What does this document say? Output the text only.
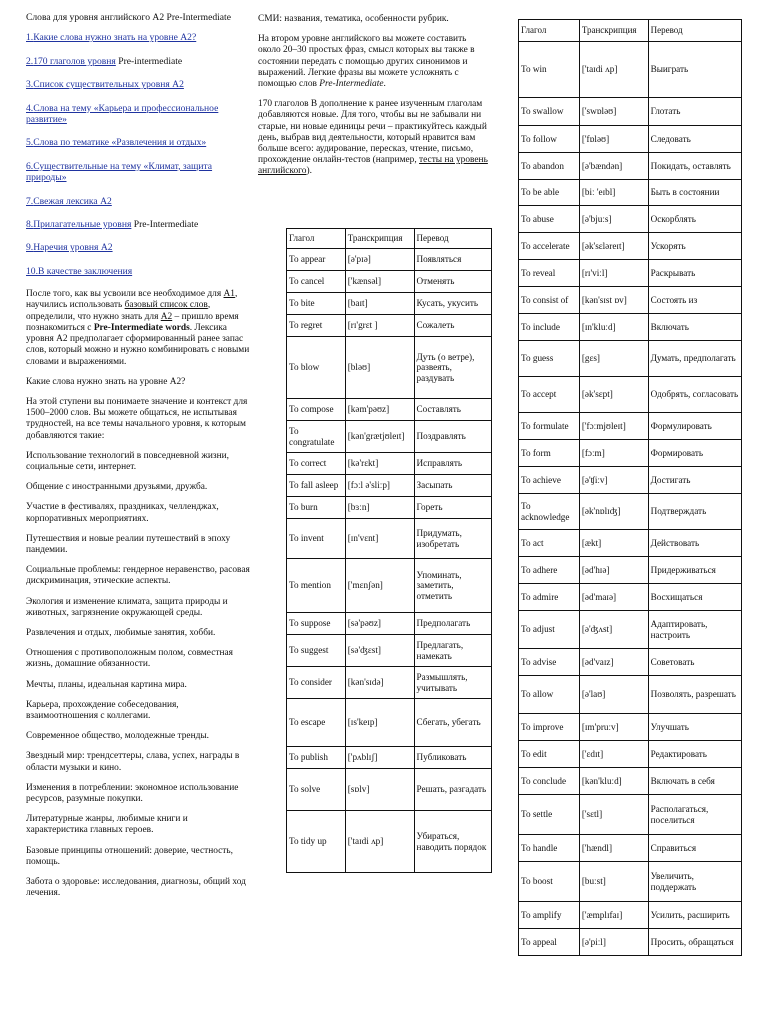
Слова для уровня английского А2 Pre-Intermediate

1.Какие слова нужно знать на уровне А2?

2.170 глаголов уровня Pre-intermediate

3.Список существительных уровня А2

4.Слова на тему «Карьера и профессиональное развитие»

5.Слова по тематике «Развлечения и отдых»

6.Существительные на тему «Климат, защита природы»

7.Свежая лексика А2

8.Прилагательные уровня Pre-Intermediate

9.Наречия уровня А2

10.В качестве заключения

После того, как вы усвоили все необходимое для А1, научились использовать базовый список слов, определили, что нужно знать для А2 – пришло время познакомиться с Pre-Intermediate words. Лексика уровня А2 предполагает сформированный ранее запас слов, который можно и нужно комбинировать с новыми словами и выражениями.

Какие слова нужно знать на уровне А2?

На этой ступени вы понимаете значение и контекст для 1500–2000 слов. Вы можете общаться, не испытывая трудностей, на все темы начального уровня, к которым добавляются такие:

Использование технологий в повседневной жизни, социальные сети, интернет.

Общение с иностранными друзьями, дружба.

Участие в фестивалях, праздниках, челленджах, корпоративных мероприятиях.

Путешествия и новые реалии путешествий в эпоху пандемии.

Социальные проблемы: гендерное неравенство, расовая дискриминация, этические аспекты.

Экология и изменение климата, защита природы и животных, загрязнение окружающей среды.

Развлечения и отдых, любимые занятия, хобби.

Отношения с противоположным полом, совместная жизнь, домашние обязанности.

Мечты, планы, идеальная картина мира.

Карьера, прохождение собеседования, взаимоотношения с коллегами.

Современное общество, молодежные тренды.

Звездный мир: трендсеттеры, слава, успех, награды в области музыки и кино.

Изменения в потреблении: экономное использование ресурсов, разумные покупки.

Литературные жанры, любимые книги и характеристика главных героев.

Базовые принципы отношений: доверие, честность, помощь.

Забота о здоровье: исследования, диагнозы, общий ход лечения.

СМИ: названия, тематика, особенности рубрик.

На втором уровне английского вы можете составить около 20–30 простых фраз, смысл которых вы также в состоянии передать с помощью других синонимов и выражений. Легкие фразы вы можете усложнять с помощью слов Pre-Intermediate.

170 глаголов В дополнение к ранее изученным глаголам добавляются новые. Для того, чтобы вы не забывали ни старые, ни новые единицы речи – практикуйтесь каждый день, выбрав вид деятельности, который нравится вам больше всего: аудирование, пересказ, чтение, письмо, прохождение онлайн-тестов (например, тесты на уровень английского).

Глагол	Транскрипция	Перевод
To appear	[ə'pɪə]	Появляться
To cancel	['kænsəl]	Отменять
To bite	[baɪt]	Кусать, укусить
To regret	[rɪ'grɛt ]	Сожалеть
To blow	[bləʊ]	Дуть (о ветре), развеять, раздувать
To compose	[kəm'pəʊz]	Составлять
To congratulate	[kən'grætjʊleɪt]	Поздравлять
To correct	[kə'rɛkt]	Исправлять
To fall asleep	[fɔːl ə'sliːp]	Засыпать
To burn	[bɜːn]	Гореть
To invent	[ɪn'vɛnt]	Придумать, изобретать
To mention	['mɛnʃən]	Упоминать, заметить, отметить
To suppose	[sə'pəʊz]	Предполагать
To suggest	[sə'ʤɛst]	Предлагать, намекать
To consider	[kən'sɪdə]	Размышлять, учитывать
To escape	[ɪs'keɪp]	Сбегать, убегать
To publish	['pʌblɪʃ]	Публиковать
To solve	[sɒlv]	Решать, разгадать
To tidy up	['taɪdi ʌp]	Убираться, наводить порядок
Глагол	Транскрипция	Перевод
To win	['taɪdi ʌp]	Выиграть
To swallow	['swɒləʊ]	Глотать
To follow	['fɒləʊ]	Следовать
To abandon	[ə'bændən]	Покидать, оставлять
To be able	[biː 'eɪbl]	Быть в состоянии
To abuse	[ə'bjuːs]	Оскорблять
To accelerate	[ək'sɛləreɪt]	Ускорять
To reveal	[rɪ'viːl]	Раскрывать
To consist of	[kən'sɪst ɒv]	Состоять из
To include	[ɪn'kluːd]	Включать
To guess	[gɛs]	Думать, предполагать
To accept	[ək'sɛpt]	Одобрять, согласовать
To formulate	['fɔːmjʊleɪt]	Формулировать
To form	[fɔːm]	Формировать
To achieve	[ə'ʧiːv]	Достигать
To acknowledge	[ək'nɒlɪʤ]	Подтверждать
To act	[ækt]	Действовать
To adhere	[əd'hɪə]	Придерживаться
To admire	[əd'maɪə]	Восхищаться
To adjust	[ə'ʤʌst]	Адаптировать, настроить
To advise	[əd'vaɪz]	Советовать
To allow	[ə'laʊ]	Позволять, разрешать
To improve	[ɪm'pruːv]	Улучшать
To edit	['ɛdɪt]	Редактировать
To conclude	[kən'kluːd]	Включать в себя
To settle	['sɛtl]	Располагаться, поселиться
To handle	['hændl]	Справиться
To boost	[buːst]	Увеличить, поддержать
To amplify	['æmplɪfaɪ]	Усилить, расширить
To appeal	[ə'piːl]	Просить, обращаться
